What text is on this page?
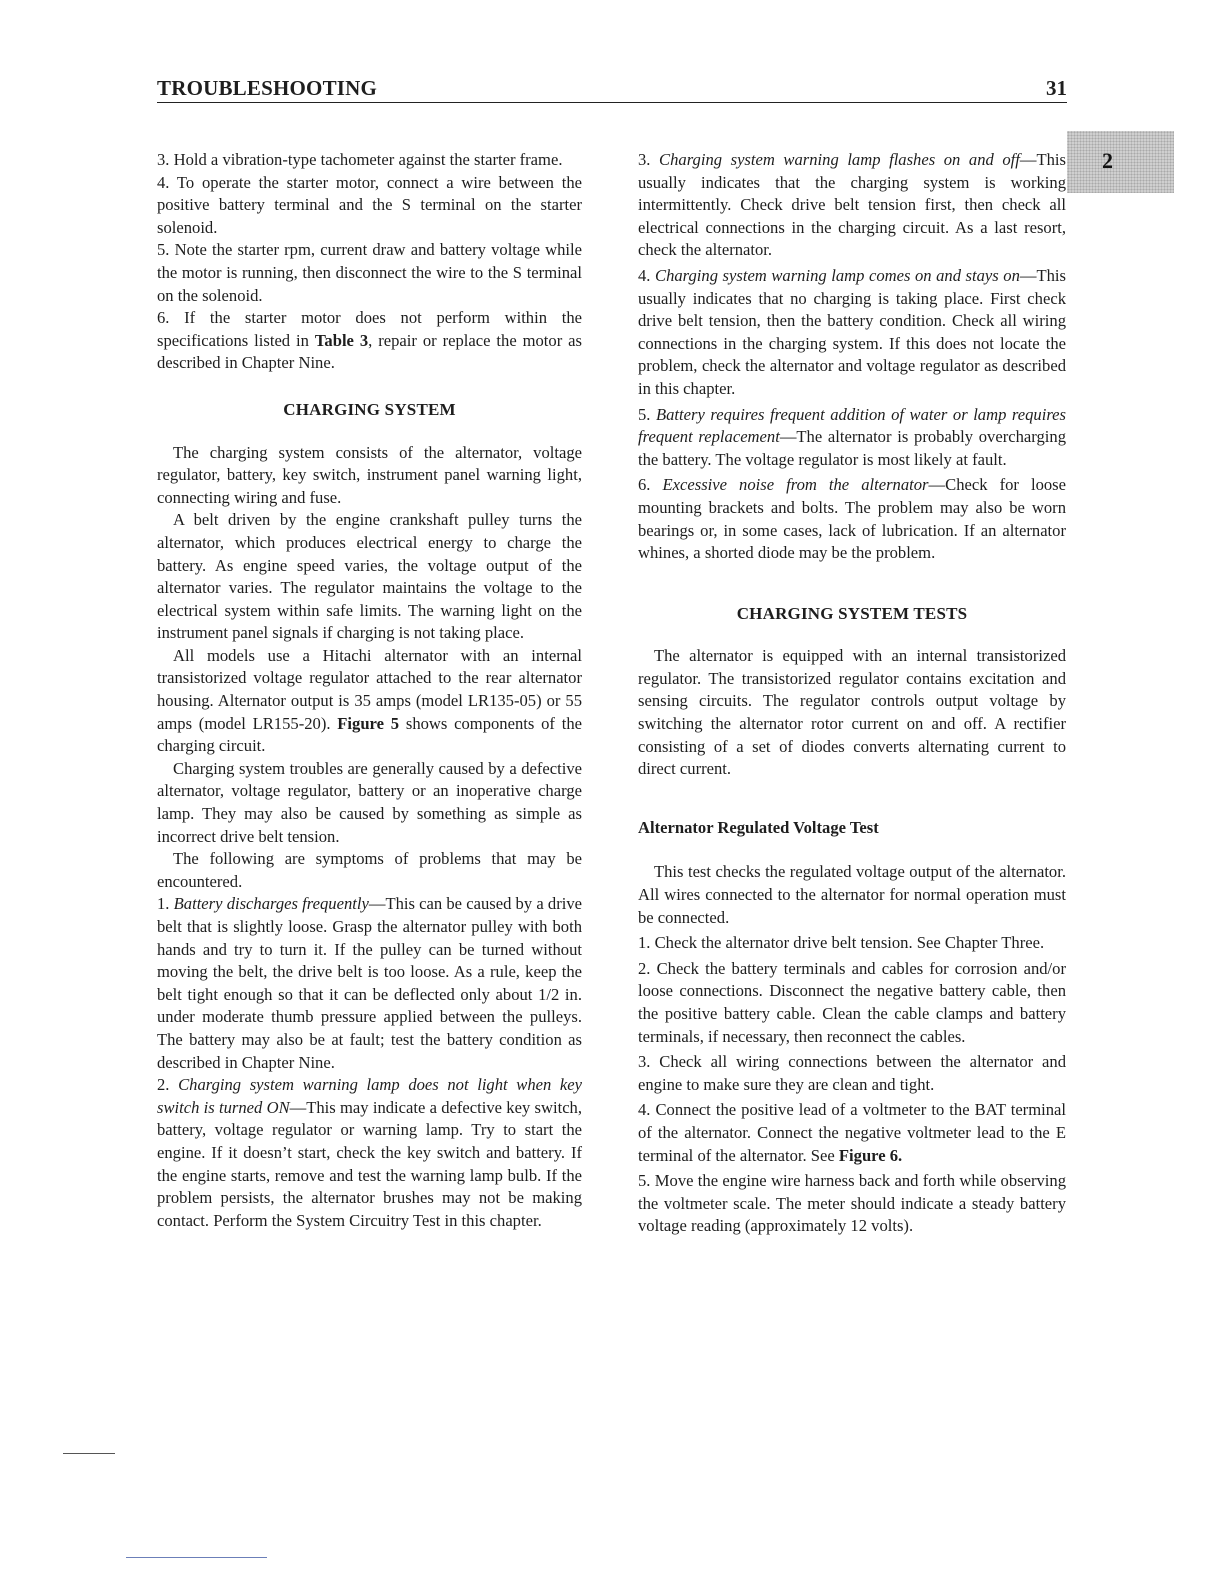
TROUBLESHOOTING	31
2

3. Hold a vibration-type tachometer against the starter frame.

4. To operate the starter motor, connect a wire between the positive battery terminal and the S terminal on the starter solenoid.

5. Note the starter rpm, current draw and battery voltage while the motor is running, then disconnect the wire to the S terminal on the solenoid.

6. If the starter motor does not perform within the specifications listed in Table 3, repair or replace the motor as described in Chapter Nine.

CHARGING SYSTEM

The charging system consists of the alternator, voltage regulator, battery, key switch, instrument panel warning light, connecting wiring and fuse.

A belt driven by the engine crankshaft pulley turns the alternator, which produces electrical energy to charge the battery. As engine speed varies, the voltage output of the alternator varies. The regulator maintains the voltage to the electrical system within safe limits. The warning light on the instrument panel signals if charging is not taking place.

All models use a Hitachi alternator with an internal transistorized voltage regulator attached to the rear alternator housing. Alternator output is 35 amps (model LR135-05) or 55 amps (model LR155-20). Figure 5 shows components of the charging circuit.

Charging system troubles are generally caused by a defective alternator, voltage regulator, battery or an inoperative charge lamp. They may also be caused by something as simple as incorrect drive belt tension.

The following are symptoms of problems that may be encountered.

1. Battery discharges frequently—This can be caused by a drive belt that is slightly loose. Grasp the alternator pulley with both hands and try to turn it. If the pulley can be turned without moving the belt, the drive belt is too loose. As a rule, keep the belt tight enough so that it can be deflected only about 1/2 in. under moderate thumb pressure applied between the pulleys. The battery may also be at fault; test the battery condition as described in Chapter Nine.

2. Charging system warning lamp does not light when key switch is turned ON—This may indicate a defective key switch, battery, voltage regulator or warning lamp. Try to start the engine. If it doesn’t start, check the key switch and battery. If the engine starts, remove and test the warning lamp bulb. If the problem persists, the alternator brushes may not be making contact. Perform the System Circuitry Test in this chapter.

3. Charging system warning lamp flashes on and off—This usually indicates that the charging system is working intermittently. Check drive belt tension first, then check all electrical connections in the charging circuit. As a last resort, check the alternator.

4. Charging system warning lamp comes on and stays on—This usually indicates that no charging is taking place. First check drive belt tension, then the battery condition. Check all wiring connections in the charging system. If this does not locate the problem, check the alternator and voltage regulator as described in this chapter.

5. Battery requires frequent addition of water or lamp requires frequent replacement—The alternator is probably overcharging the battery. The voltage regulator is most likely at fault.

6. Excessive noise from the alternator—Check for loose mounting brackets and bolts. The problem may also be worn bearings or, in some cases, lack of lubrication. If an alternator whines, a shorted diode may be the problem.

CHARGING SYSTEM TESTS

The alternator is equipped with an internal transistorized regulator. The transistorized regulator contains excitation and sensing circuits. The regulator controls output voltage by switching the alternator rotor current on and off. A rectifier consisting of a set of diodes converts alternating current to direct current.

Alternator Regulated Voltage Test

This test checks the regulated voltage output of the alternator. All wires connected to the alternator for normal operation must be connected.

1. Check the alternator drive belt tension. See Chapter Three.

2. Check the battery terminals and cables for corrosion and/or loose connections. Disconnect the negative battery cable, then the positive battery cable. Clean the cable clamps and battery terminals, if necessary, then reconnect the cables.

3. Check all wiring connections between the alternator and engine to make sure they are clean and tight.

4. Connect the positive lead of a voltmeter to the BAT terminal of the alternator. Connect the negative voltmeter lead to the E terminal of the alternator. See Figure 6.

5. Move the engine wire harness back and forth while observing the voltmeter scale. The meter should indicate a steady battery voltage reading (approximately 12 volts).
